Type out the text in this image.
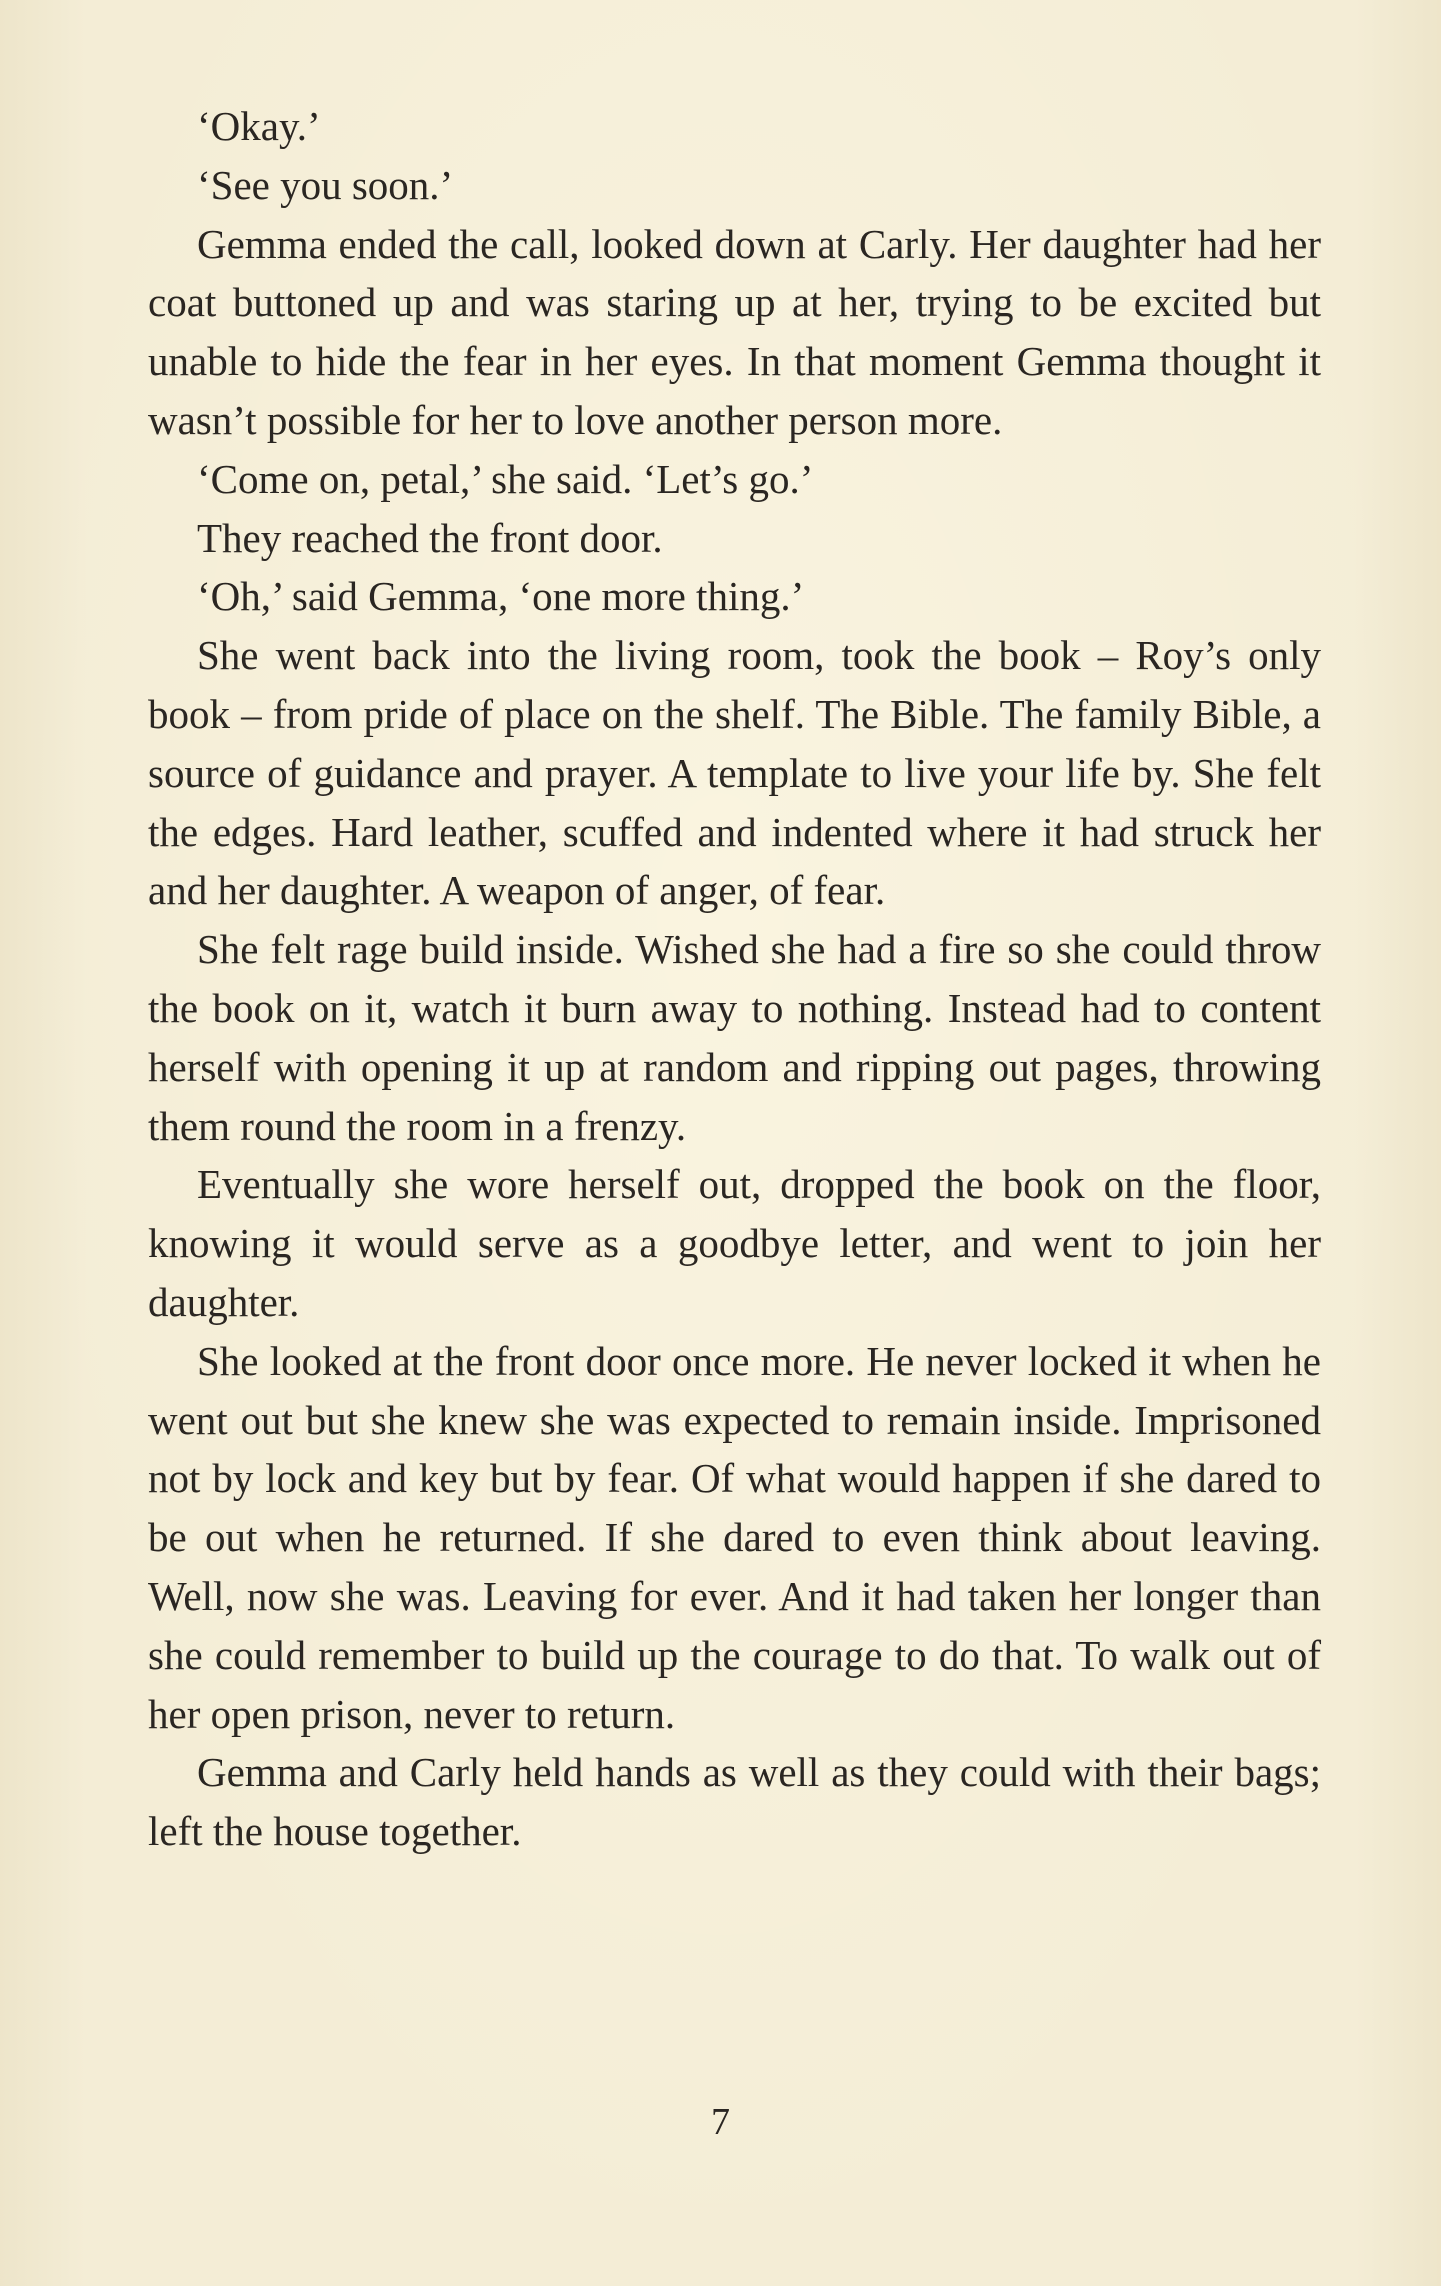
‘Okay.’

‘See you soon.’

Gemma ended the call, looked down at Carly. Her daughter had her coat buttoned up and was staring up at her, trying to be excited but unable to hide the fear in her eyes. In that moment Gemma thought it wasn’t possible for her to love another person more.

‘Come on, petal,’ she said. ‘Let’s go.’

They reached the front door.

‘Oh,’ said Gemma, ‘one more thing.’

She went back into the living room, took the book – Roy’s only book – from pride of place on the shelf. The Bible. The family Bible, a source of guidance and prayer. A template to live your life by. She felt the edges. Hard leather, scuffed and indented where it had struck her and her daughter. A weapon of anger, of fear.

She felt rage build inside. Wished she had a fire so she could throw the book on it, watch it burn away to nothing. Instead had to content herself with opening it up at random and ripping out pages, throwing them round the room in a frenzy.

Eventually she wore herself out, dropped the book on the floor, knowing it would serve as a goodbye letter, and went to join her daughter.

She looked at the front door once more. He never locked it when he went out but she knew she was expected to remain inside. Imprisoned not by lock and key but by fear. Of what would happen if she dared to be out when he returned. If she dared to even think about leaving. Well, now she was. Leaving for ever. And it had taken her longer than she could remember to build up the courage to do that. To walk out of her open prison, never to return.

Gemma and Carly held hands as well as they could with their bags; left the house together.

7
